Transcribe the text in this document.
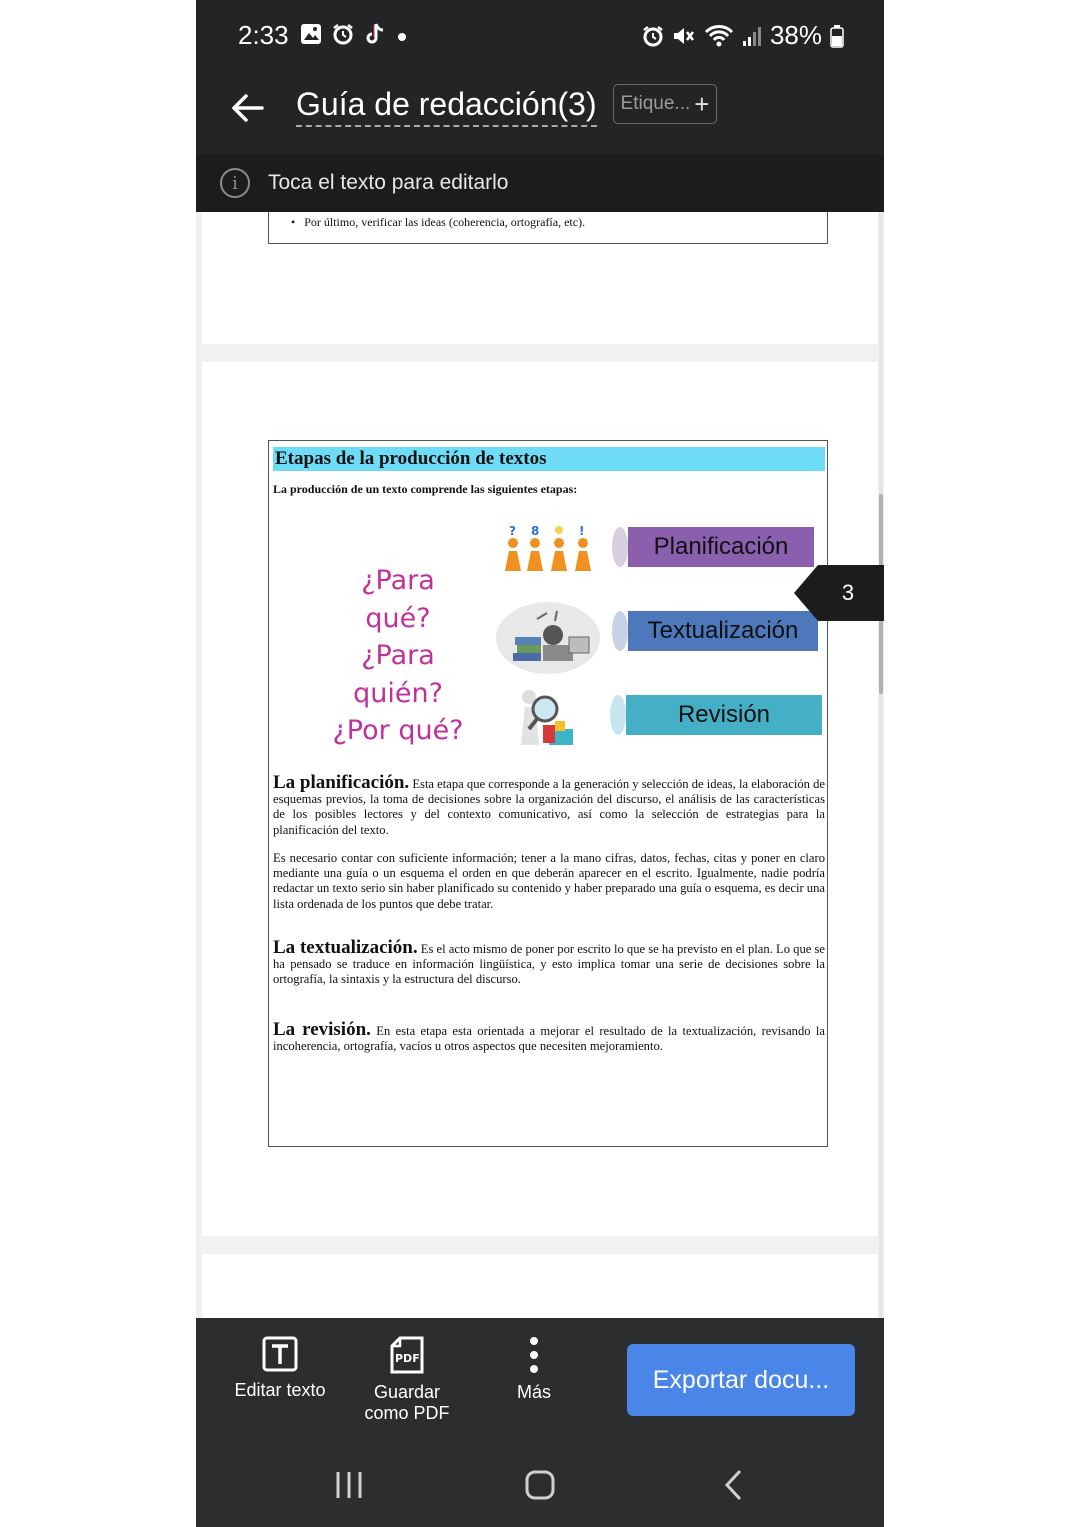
2:33	38%
Guía de redacción(3) Etique... +
i	Toca el texto para editarlo
•   Por último, verificar las ideas (coherencia, ortografía, etc).
Etapas de la producción de textos
La producción de un texto comprende las siguientes etapas:
¿Para
qué?
¿Para
quién?
¿Por qué?
? 8	!
Planificación
Textualización
Revisión
La planificación. Esta etapa que corresponde a la generación y selección de ideas, la elaboración de esquemas previos, la toma de decisiones sobre la organización del discurso, el análisis de las características de los posibles lectores y del contexto comunicativo, así como la selección de estrategias para la planificación del texto.
Es necesario contar con suficiente información; tener a la mano cifras, datos, fechas, citas y poner en claro mediante una guía o un esquema el orden en que deberán aparecer en el escrito. Igualmente, nadie podría redactar un texto serio sin haber planificado su contenido y haber preparado una guía o esquema, es decir una lista ordenada de los puntos que debe tratar.
La textualización. Es el acto mismo de poner por escrito lo que se ha previsto en el plan. Lo que se ha pensado se traduce en información lingüística, y esto implica tomar una serie de decisiones sobre la ortografía, la sintaxis y la estructura del discurso.
La revisión. En esta etapa esta orientada a mejorar el resultado de la textualización, revisando la incoherencia, ortografía, vacíos u otros aspectos que necesiten mejoramiento.
3
Editar texto
PDF
Guardar
como PDF
Más	Exportar docu...
